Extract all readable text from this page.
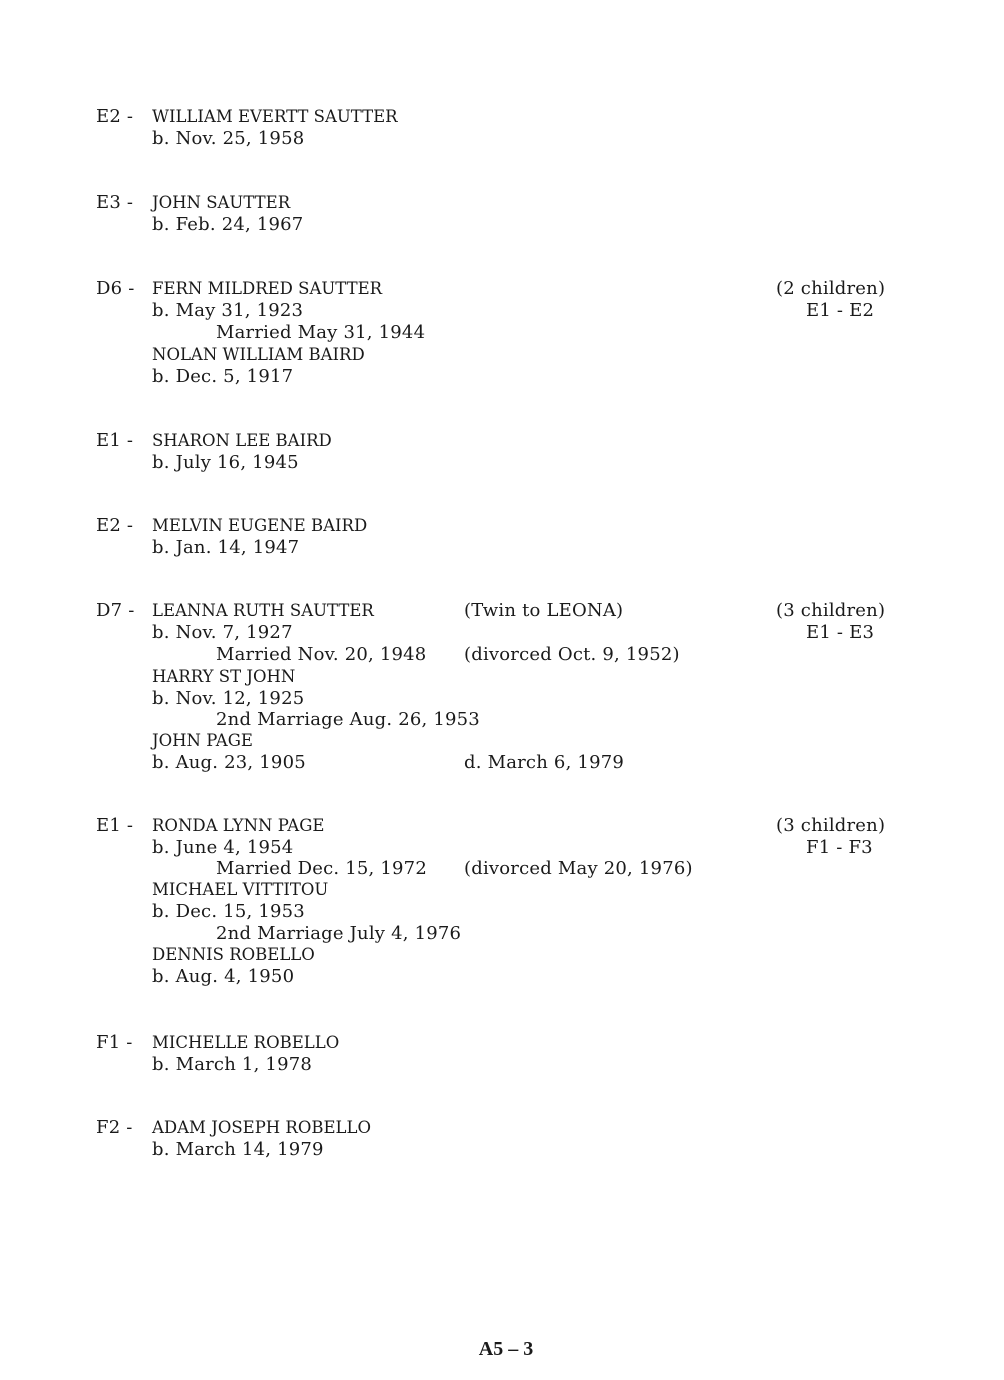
E2 - WILLIAM EVERTT SAUTTER
b. Nov. 25, 1958
E3 - JOHN SAUTTER
b. Feb. 24, 1967
D6 - FERN MILDRED SAUTTER	(2 children)
E1 - E2
b. May 31, 1923
Married May 31, 1944
NOLAN WILLIAM BAIRD
b. Dec. 5, 1917
E1 - SHARON LEE BAIRD
b. July 16, 1945
E2 - MELVIN EUGENE BAIRD
b. Jan. 14, 1947
D7 - LEANNA RUTH SAUTTER	(Twin to LEONA)	(3 children)
E1 - E3
b. Nov. 7, 1927
Married Nov. 20, 1948 (divorced Oct. 9, 1952)
HARRY ST JOHN
b. Nov. 12, 1925
2nd Marriage Aug. 26, 1953
JOHN PAGE
b. Aug. 23, 1905	d. March 6, 1979
E1 - RONDA LYNN PAGE	(3 children)
F1 - F3
b. June 4, 1954
Married Dec. 15, 1972 (divorced May 20, 1976)
MICHAEL VITTITOU
b. Dec. 15, 1953
2nd Marriage July 4, 1976
DENNIS ROBELLO
b. Aug. 4, 1950
F1 - MICHELLE ROBELLO
b. March 1, 1978
F2 - ADAM JOSEPH ROBELLO
b. March 14, 1979
A5 – 3
